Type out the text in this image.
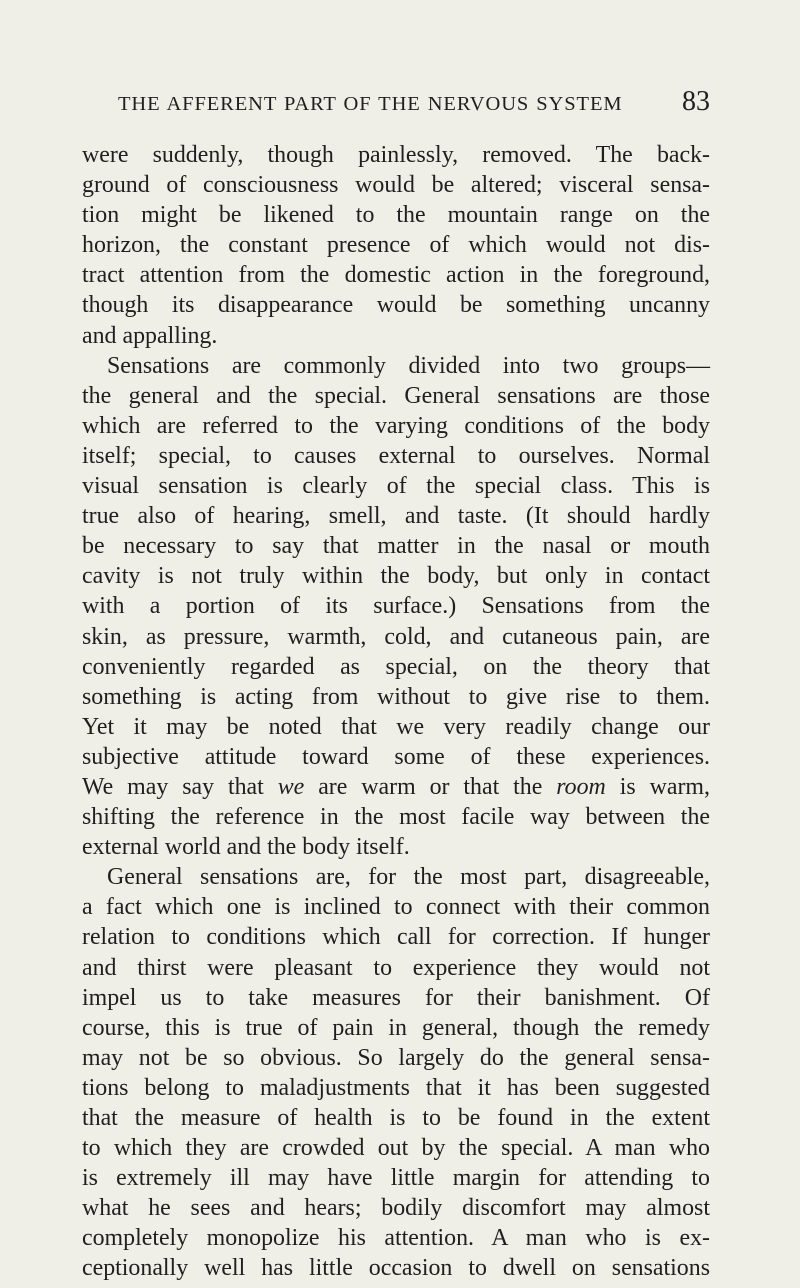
THE AFFERENT PART OF THE NERVOUS SYSTEM 83
were suddenly, though painlessly, removed. The back-
ground of consciousness would be altered; visceral sensa-
tion might be likened to the mountain range on the
horizon, the constant presence of which would not dis-
tract attention from the domestic action in the foreground,
though its disappearance would be something uncanny
and appalling.
Sensations are commonly divided into two groups—
the general and the special. General sensations are those
which are referred to the varying conditions of the body
itself; special, to causes external to ourselves. Normal
visual sensation is clearly of the special class. This is
true also of hearing, smell, and taste. (It should hardly
be necessary to say that matter in the nasal or mouth
cavity is not truly within the body, but only in contact
with a portion of its surface.) Sensations from the
skin, as pressure, warmth, cold, and cutaneous pain, are
conveniently regarded as special, on the theory that
something is acting from without to give rise to them.
Yet it may be noted that we very readily change our
subjective attitude toward some of these experiences.
We may say that we are warm or that the room is warm,
shifting the reference in the most facile way between the
external world and the body itself.
General sensations are, for the most part, disagreeable,
a fact which one is inclined to connect with their common
relation to conditions which call for correction. If hunger
and thirst were pleasant to experience they would not
impel us to take measures for their banishment. Of
course, this is true of pain in general, though the remedy
may not be so obvious. So largely do the general sensa-
tions belong to maladjustments that it has been suggested
that the measure of health is to be found in the extent
to which they are crowded out by the special. A man who
is extremely ill may have little margin for attending to
what he sees and hears; bodily discomfort may almost
completely monopolize his attention. A man who is ex-
ceptionally well has little occasion to dwell on sensations
